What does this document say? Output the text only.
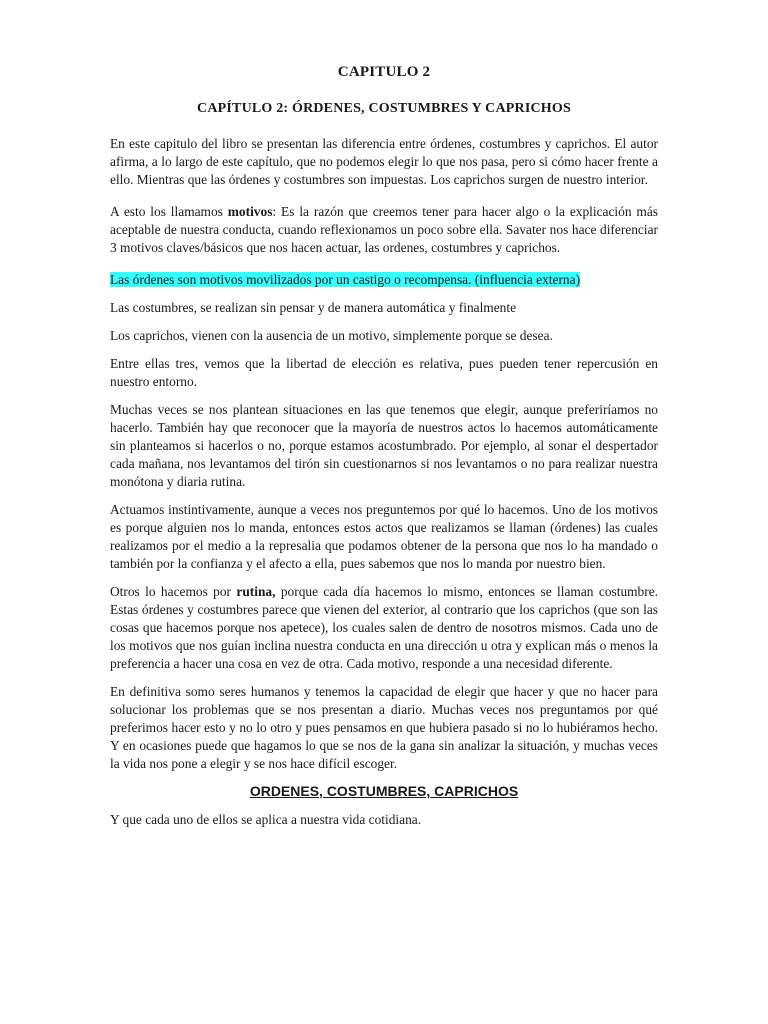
CAPITULO 2
CAPÍTULO 2: ÓRDENES, COSTUMBRES Y CAPRICHOS

En este capitulo del libro se presentan las diferencia entre órdenes, costumbres y caprichos. El autor afirma, a lo largo de este capítulo, que no podemos elegir lo que nos pasa, pero si cómo hacer frente a ello. Mientras que las órdenes y costumbres son impuestas. Los caprichos surgen de nuestro interior.

A esto los llamamos motivos: Es la razón que creemos tener para hacer algo o la explicación más aceptable de nuestra conducta, cuando reflexionamos un poco sobre ella. Savater nos hace diferenciar 3 motivos claves/básicos que nos hacen actuar, las ordenes, costumbres y caprichos.

Las órdenes son motivos movilizados por un castigo o recompensa. (influencia externa)

Las costumbres, se realizan sin pensar y de manera automática y finalmente

Los caprichos, vienen con la ausencia de un motivo, simplemente porque se desea.

Entre ellas tres, vemos que la libertad de elección es relativa, pues pueden tener repercusión en nuestro entorno.

Muchas veces se nos plantean situaciones en las que tenemos que elegir, aunque preferiríamos no hacerlo. También hay que reconocer que la mayoría de nuestros actos lo hacemos automáticamente sin planteamos si hacerlos o no, porque estamos acostumbrado. Por ejemplo, al sonar el despertador cada mañana, nos levantamos del tirón sin cuestionarnos si nos levantamos o no para realizar nuestra monótona y diaria rutina.

Actuamos instintivamente, aunque a veces nos preguntemos por qué lo hacemos. Uno de los motivos es porque alguien nos lo manda, entonces estos actos que realizamos se llaman (órdenes) las cuales realizamos por el medio a la represalia que podamos obtener de la persona que nos lo ha mandado o también por la confianza y el afecto a ella, pues sabemos que nos lo manda por nuestro bien.

Otros lo hacemos por rutina, porque cada día hacemos lo mismo, entonces se llaman costumbre. Estas órdenes y costumbres parece que vienen del exterior, al contrario que los caprichos (que son las cosas que hacemos porque nos apetece), los cuales salen de dentro de nosotros mismos. Cada uno de los motivos que nos guían inclina nuestra conducta en una dirección u otra y explican más o menos la preferencia a hacer una cosa en vez de otra. Cada motivo, responde a una necesidad diferente.

En definitiva somo seres humanos y tenemos la capacidad de elegir que hacer y que no hacer para solucionar los problemas que se nos presentan a diario. Muchas veces nos preguntamos por qué preferimos hacer esto y no lo otro y pues pensamos en que hubiera pasado si no lo hubiéramos hecho. Y en ocasiones puede que hagamos lo que se nos de la gana sin analizar la situación, y muchas veces la vida nos pone a elegir y se nos hace difícil escoger.

ORDENES, COSTUMBRES, CAPRICHOS

Y que cada uno de ellos se aplica a nuestra vida cotidiana.
